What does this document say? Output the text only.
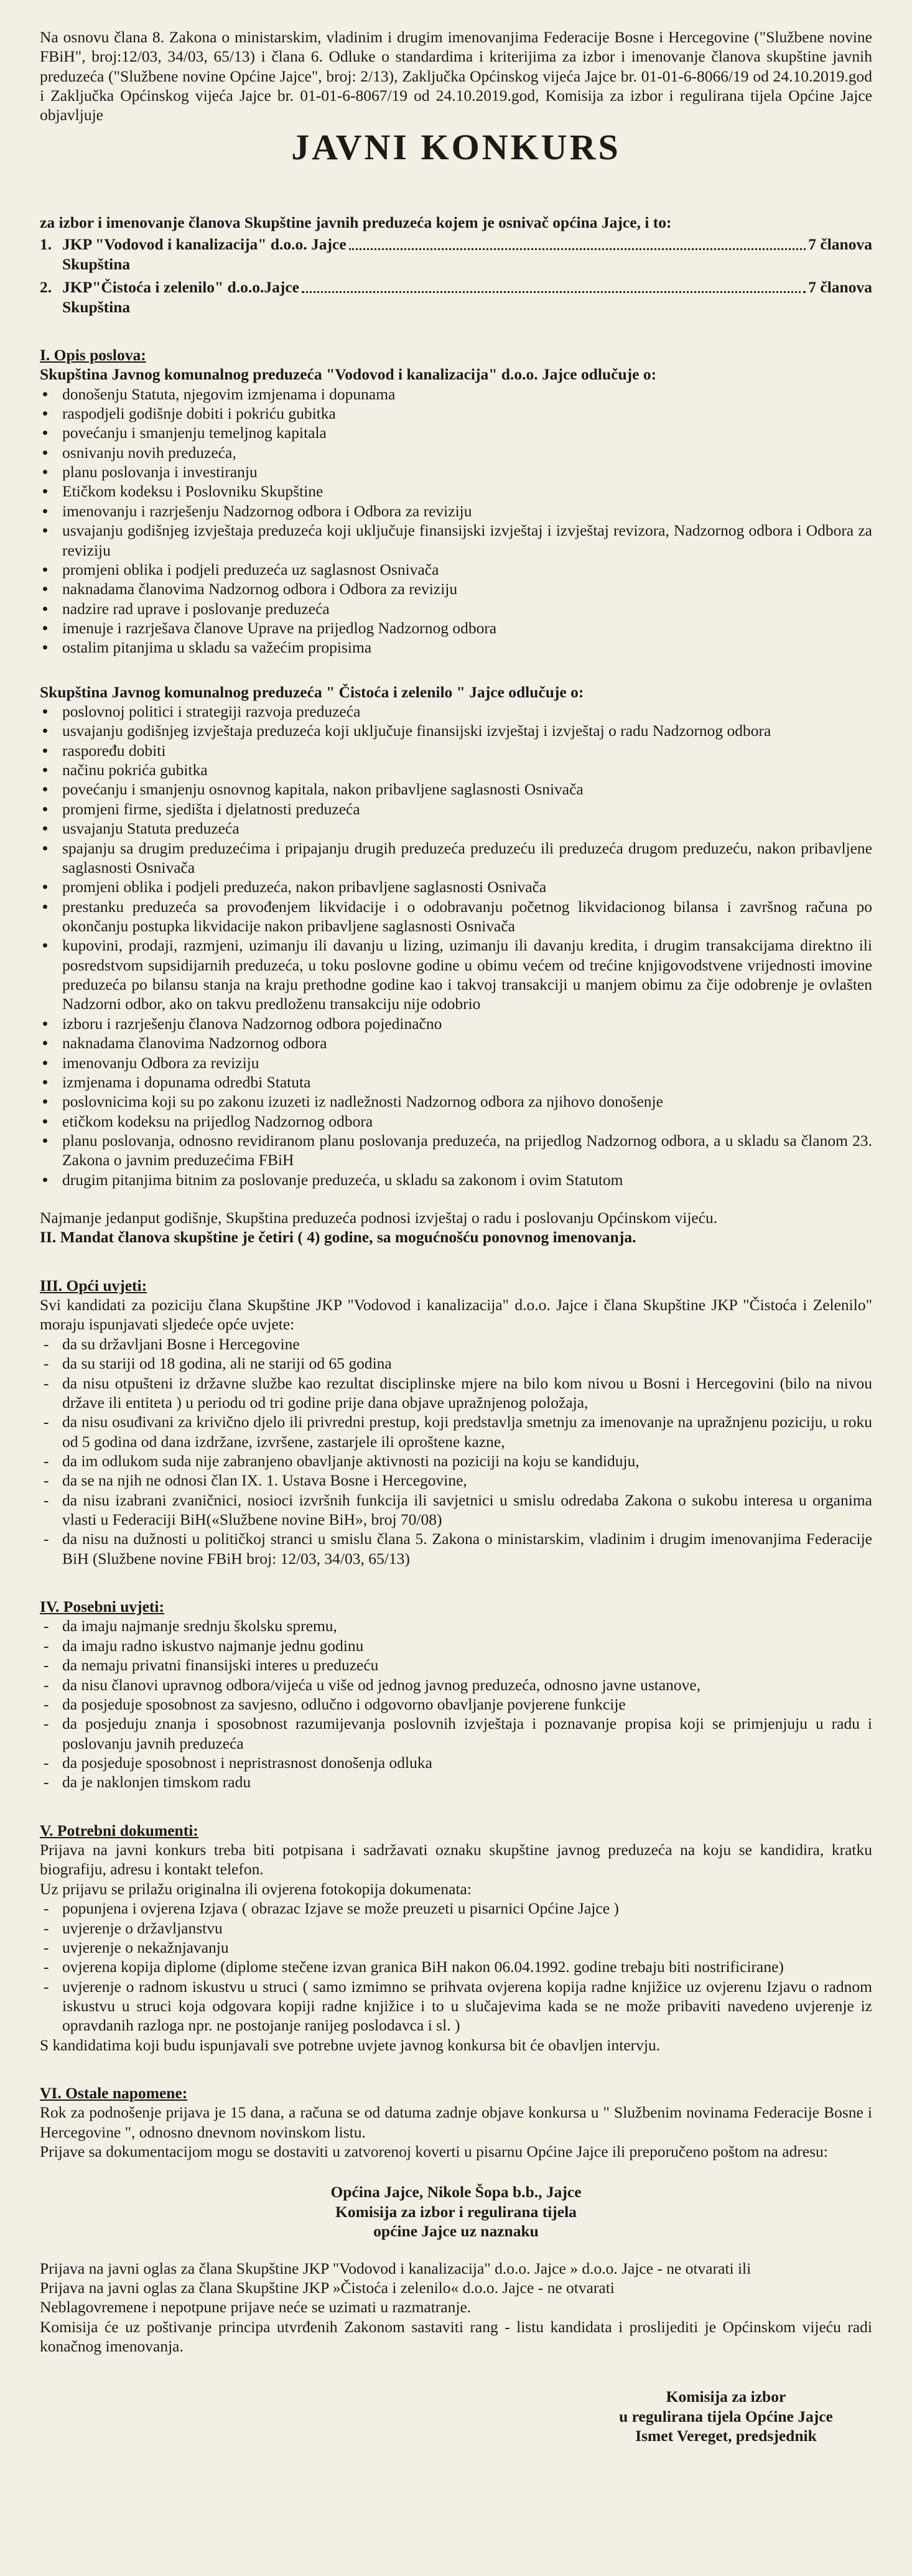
Na osnovu člana 8. Zakona o ministarskim, vladinim i drugim imenovanjima Federacije Bosne i Hercegovine ("Službene novine FBiH", broj:12/03, 34/03, 65/13) i člana 6. Odluke o standardima i kriterijima za izbor i imenovanje članova skupštine javnih preduzeća ("Službene novine Općine Jajce", broj: 2/13), Zaključka Općinskog vijeća Jajce br. 01-01-6-8066/19 od 24.10.2019.god i Zaključka Općinskog vijeća Jajce br. 01-01-6-8067/19 od 24.10.2019.god, Komisija za izbor i regulirana tijela Općine Jajce objavljuje

JAVNI KONKURS

za izbor i imenovanje članova Skupštine javnih preduzeća kojem je osnivač općina Jajce, i to:

1. JKP "Vodovod i kanalizacija" d.o.o. Jajce	7 članova
Skupština
2. JKP"Čistoća i zelenilo" d.o.o.Jajce	7 članova
Skupština

I. Opis poslova:

Skupština Javnog komunalnog preduzeća "Vodovod i kanalizacija" d.o.o. Jajce odlučuje o:

• donošenju Statuta, njegovim izmjenama i dopunama
• raspodjeli godišnje dobiti i pokriću gubitka
• povećanju i smanjenju temeljnog kapitala
• osnivanju novih preduzeća,
• planu poslovanja i investiranju
• Etičkom kodeksu i Poslovniku Skupštine
• imenovanju i razrješenju Nadzornog odbora i Odbora za reviziju
• usvajanju godišnjeg izvještaja preduzeća koji uključuje finansijski izvještaj i izvještaj revizora, Nadzornog odbora i Odbora za reviziju
• promjeni oblika i podjeli preduzeća uz saglasnost Osnivača
• naknadama članovima Nadzornog odbora i Odbora za reviziju
• nadzire rad uprave i poslovanje preduzeća
• imenuje i razrješava članove Uprave na prijedlog Nadzornog odbora
• ostalim pitanjima u skladu sa važećim propisima

Skupština Javnog komunalnog preduzeća " Čistoća i zelenilo " Jajce odlučuje o:

• poslovnoj politici i strategiji razvoja preduzeća
• usvajanju godišnjeg izvještaja preduzeća koji uključuje finansijski izvještaj i izvještaj o radu Nadzornog odbora
• raspoređu dobiti
• načinu pokrića gubitka
• povećanju i smanjenju osnovnog kapitala, nakon pribavljene saglasnosti Osnivača
• promjeni firme, sjedišta i djelatnosti preduzeća
• usvajanju Statuta preduzeća
• spajanju sa drugim preduzećima i pripajanju drugih preduzeća preduzeću ili preduzeća drugom preduzeću, nakon pribavljene saglasnosti Osnivača
• promjeni oblika i podjeli preduzeća, nakon pribavljene saglasnosti Osnivača
• prestanku preduzeća sa provođenjem likvidacije i o odobravanju početnog likvidacionog bilansa i završnog računa po okončanju postupka likvidacije nakon pribavljene saglasnosti Osnivača
• kupovini, prodaji, razmjeni, uzimanju ili davanju u lizing, uzimanju ili davanju kredita, i drugim transakcijama direktno ili posredstvom supsidijarnih preduzeća, u toku poslovne godine u obimu većem od trećine knjigovodstvene vrijednosti imovine preduzeća po bilansu stanja na kraju prethodne godine kao i takvoj transakciji u manjem obimu za čije odobrenje je ovlašten Nadzorni odbor, ako on takvu predloženu transakciju nije odobrio
• izboru i razrješenju članova Nadzornog odbora pojedinačno
• naknadama članovima Nadzornog odbora
• imenovanju Odbora za reviziju
• izmjenama i dopunama odredbi Statuta
• poslovnicima koji su po zakonu izuzeti iz nadležnosti Nadzornog odbora za njihovo donošenje
• etičkom kodeksu na prijedlog Nadzornog odbora
• planu poslovanja, odnosno revidiranom planu poslovanja preduzeća, na prijedlog Nadzornog odbora, a u skladu sa članom 23. Zakona o javnim preduzećima FBiH
• drugim pitanjima bitnim za poslovanje preduzeća, u skladu sa zakonom i ovim Statutom

Najmanje jedanput godišnje, Skupština preduzeća podnosi izvještaj o radu i poslovanju Općinskom vijeću.

II. Mandat članova skupštine je četiri ( 4) godine, sa mogućnošću ponovnog imenovanja.

III. Opći uvjeti:

Svi kandidati za poziciju člana Skupštine JKP "Vodovod i kanalizacija" d.o.o. Jajce i člana Skupštine JKP "Čistoća i Zelenilo" moraju ispunjavati sljedeće opće uvjete:

- da su državljani Bosne i Hercegovine
- da su stariji od 18 godina, ali ne stariji od 65 godina
- da nisu otpušteni iz državne službe kao rezultat disciplinske mjere na bilo kom nivou u Bosni i Hercegovini (bilo na nivou države ili entiteta ) u periodu od tri godine prije dana objave upražnjenog položaja,
- da nisu osuđivani za krivično djelo ili privredni prestup, koji predstavlja smetnju za imenovanje na upražnjenu poziciju, u roku od 5 godina od dana izdržane, izvršene, zastarjele ili oproštene kazne,
- da im odlukom suda nije zabranjeno obavljanje aktivnosti na poziciji na koju se kandiduju,
- da se na njih ne odnosi član IX. 1. Ustava Bosne i Hercegovine,
- da nisu izabrani zvaničnici, nosioci izvršnih funkcija ili savjetnici u smislu odredaba Zakona o sukobu interesa u organima vlasti u Federaciji BiH(«Službene novine BiH», broj 70/08)
- da nisu na dužnosti u političkoj stranci u smislu člana 5. Zakona o ministarskim, vladinim i drugim imenovanjima Federacije BiH (Službene novine FBiH broj: 12/03, 34/03, 65/13)

IV. Posebni uvjeti:

- da imaju najmanje srednju školsku spremu,
- da imaju radno iskustvo najmanje jednu godinu
- da nemaju privatni finansijski interes u preduzeću
- da nisu članovi upravnog odbora/vijeća u više od jednog javnog preduzeća, odnosno javne ustanove,
- da posjeduje sposobnost za savjesno, odlučno i odgovorno obavljanje povjerene funkcije
- da posjeduju znanja i sposobnost razumijevanja poslovnih izvještaja i poznavanje propisa koji se primjenjuju u radu i poslovanju javnih preduzeća
- da posjeduje sposobnost i nepristrasnost donošenja odluka
- da je naklonjen timskom radu

V. Potrebni dokumenti:

Prijava na javni konkurs treba biti potpisana i sadržavati oznaku skupštine javnog preduzeća na koju se kandidira, kratku biografiju, adresu i kontakt telefon.

Uz prijavu se prilažu originalna ili ovjerena fotokopija dokumenata:

- popunjena i ovjerena Izjava ( obrazac Izjave se može preuzeti u pisarnici Općine Jajce )
- uvjerenje o državljanstvu
- uvjerenje o nekažnjavanju
- ovjerena kopija diplome (diplome stečene izvan granica BiH nakon 06.04.1992. godine trebaju biti nostrificirane)
- uvjerenje o radnom iskustvu u struci ( samo izmimno se prihvata ovjerena kopija radne knjižice uz ovjerenu Izjavu o radnom iskustvu u struci koja odgovara kopiji radne knjižice i to u slučajevima kada se ne može pribaviti navedeno uvjerenje iz opravdanih razloga npr. ne postojanje ranijeg poslodavca i sl. )

S kandidatima koji budu ispunjavali sve potrebne uvjete javnog konkursa bit će obavljen intervju.

VI. Ostale napomene:

Rok za podnošenje prijava je 15 dana, a računa se od datuma zadnje objave konkursa u " Službenim novinama Federacije Bosne i Hercegovine ", odnosno dnevnom novinskom listu.

Prijave sa dokumentacijom mogu se dostaviti u zatvorenoj koverti u pisarnu Općine Jajce ili preporučeno poštom na adresu:

Općina Jajce, Nikole Šopa b.b., Jajce
Komisija za izbor i regulirana tijela
općine Jajce uz naznaku

Prijava na javni oglas za člana Skupštine JKP "Vodovod i kanalizacija" d.o.o. Jajce » d.o.o. Jajce - ne otvarati ili

Prijava na javni oglas za člana Skupštine JKP »Čistoća i zelenilo« d.o.o. Jajce - ne otvarati

Neblagovremene i nepotpune prijave neće se uzimati u razmatranje.

Komisija će uz poštivanje principa utvrđenih Zakonom sastaviti rang - listu kandidata i proslijediti je Općinskom vijeću radi konačnog imenovanja.

Komisija za izbor
u regulirana tijela Općine Jajce
Ismet Vereget, predsjednik
